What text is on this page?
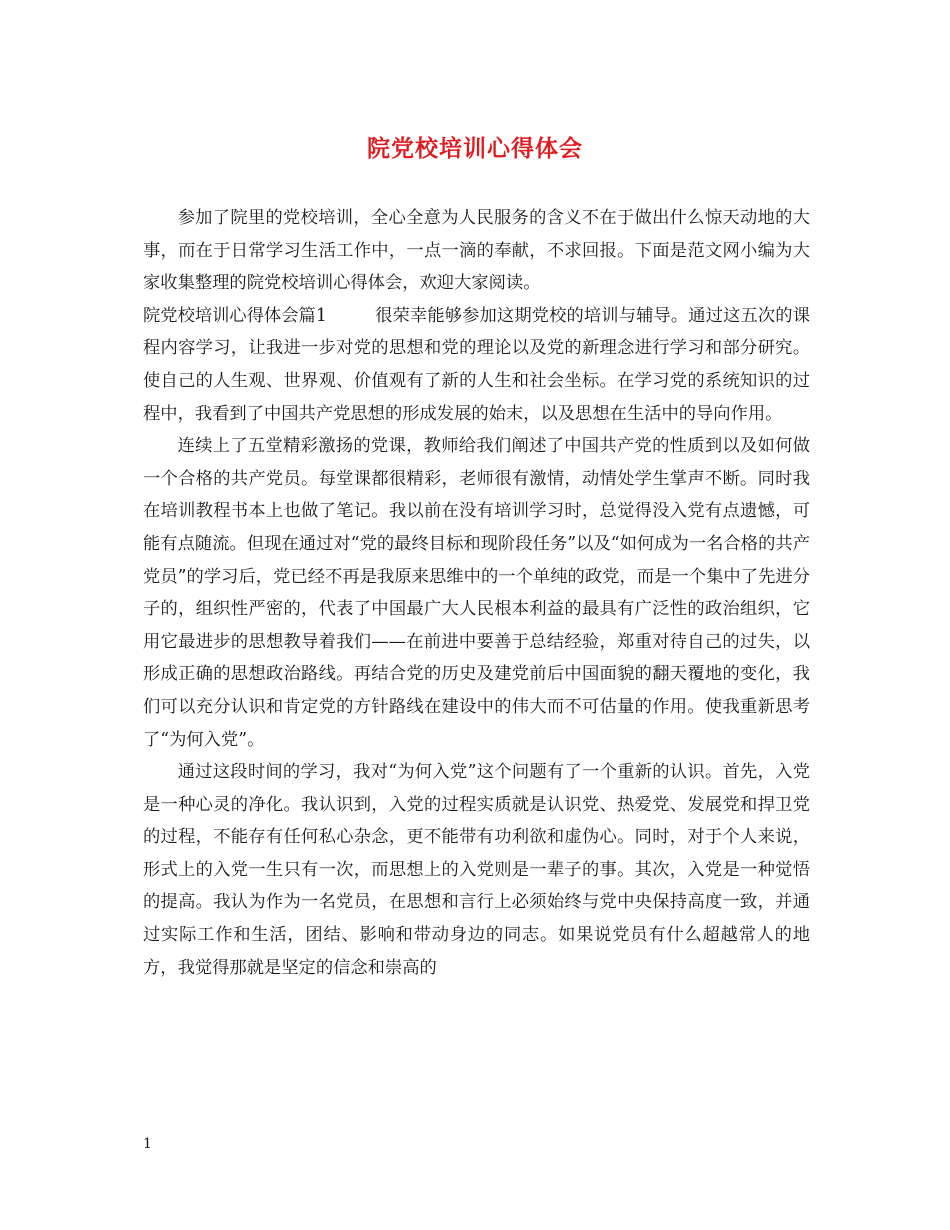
院党校培训心得体会

参加了院里的党校培训，全心全意为人民服务的含义不在于做出什么惊天动地的大事，而在于日常学习生活工作中，一点一滴的奉献，不求回报。下面是范文网小编为大家收集整理的院党校培训心得体会，欢迎大家阅读。

院党校培训心得体会篇1	很荣幸能够参加这期党校的培训与辅导。通过这五次的课程内容学习，让我进一步对党的思想和党的理论以及党的新理念进行学习和部分研究。使自己的人生观、世界观、价值观有了新的人生和社会坐标。在学习党的系统知识的过程中，我看到了中国共产党思想的形成发展的始末，以及思想在生活中的导向作用。

连续上了五堂精彩激扬的党课，教师给我们阐述了中国共产党的性质到以及如何做一个合格的共产党员。每堂课都很精彩，老师很有激情，动情处学生掌声不断。同时我在培训教程书本上也做了笔记。我以前在没有培训学习时，总觉得没入党有点遗憾，可能有点随流。但现在通过对“党的最终目标和现阶段任务”以及“如何成为一名合格的共产党员”的学习后，党已经不再是我原来思维中的一个单纯的政党，而是一个集中了先进分子的，组织性严密的，代表了中国最广大人民根本利益的最具有广泛性的政治组织，它用它最进步的思想教导着我们——在前进中要善于总结经验，郑重对待自己的过失，以形成正确的思想政治路线。再结合党的历史及建党前后中国面貌的翻天覆地的变化，我们可以充分认识和肯定党的方针路线在建设中的伟大而不可估量的作用。使我重新思考了“为何入党”。

通过这段时间的学习，我对“为何入党”这个问题有了一个重新的认识。首先，入党是一种心灵的净化。我认识到，入党的过程实质就是认识党、热爱党、发展党和捍卫党的过程，不能存有任何私心杂念，更不能带有功利欲和虚伪心。同时，对于个人来说，形式上的入党一生只有一次，而思想上的入党则是一辈子的事。其次，入党是一种觉悟的提高。我认为作为一名党员，在思想和言行上必须始终与党中央保持高度一致，并通过实际工作和生活，团结、影响和带动身边的同志。如果说党员有什么超越常人的地方，我觉得那就是坚定的信念和崇高的

1
